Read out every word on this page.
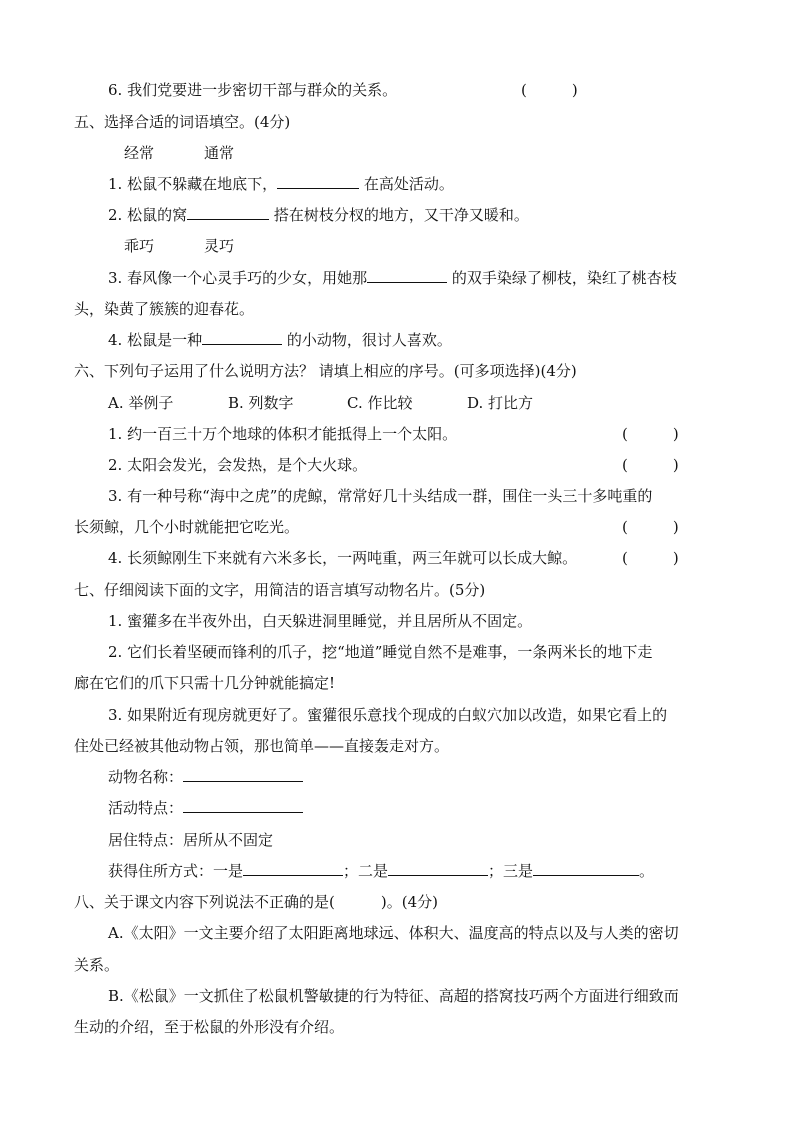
6. 我们党要进一步密切干部与群众的关系。	(　　　)
五、选择合适的词语填空。(4分)
经常	通常
1. 松鼠不躲藏在地底下，	在高处活动。
2. 松鼠的窝	搭在树枝分杈的地方，又干净又暖和。
乖巧	灵巧
3. 春风像一个心灵手巧的少女，用她那	的双手染绿了柳枝，染红了桃杏枝
头，染黄了簇簇的迎春花。
4. 松鼠是一种	的小动物，很讨人喜欢。
六、下列句子运用了什么说明方法？ 请填上相应的序号。(可多项选择)(4分)
A. 举例子	B. 列数字	C. 作比较	D. 打比方
1. 约一百三十万个地球的体积才能抵得上一个太阳。	(　　　)
2. 太阳会发光，会发热，是个大火球。	(　　　)
3. 有一种号称“海中之虎”的虎鲸，常常好几十头结成一群，围住一头三十多吨重的
长须鲸，几个小时就能把它吃光。	(　　　)
4. 长须鲸刚生下来就有六米多长，一两吨重，两三年就可以长成大鲸。	(　　　)
七、仔细阅读下面的文字，用简洁的语言填写动物名片。(5分)
1. 蜜獾多在半夜外出，白天躲进洞里睡觉，并且居所从不固定。
2. 它们长着坚硬而锋利的爪子，挖“地道”睡觉自然不是难事，一条两米长的地下走
廊在它们的爪下只需十几分钟就能搞定!
3. 如果附近有现房就更好了。蜜獾很乐意找个现成的白蚁穴加以改造，如果它看上的
住处已经被其他动物占领，那也简单——直接轰走对方。
动物名称：
活动特点：
居住特点：居所从不固定
获得住所方式：一是	；二是	；三是	。
八、关于课文内容下列说法不正确的是(	)。(4分)
A.《太阳》一文主要介绍了太阳距离地球远、体积大、温度高的特点以及与人类的密切
关系。
B.《松鼠》一文抓住了松鼠机警敏捷的行为特征、高超的搭窝技巧两个方面进行细致而
生动的介绍，至于松鼠的外形没有介绍。
